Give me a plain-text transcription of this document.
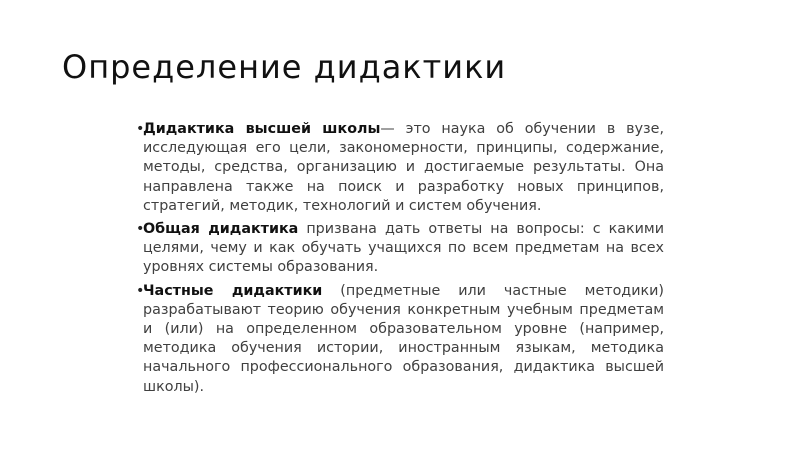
Определение дидактики
•
Дидактика высшей школы— это наука об обучении в вузе, исследующая его цели, закономерности, принципы, содержание, методы, средства, организацию и достигаемые результаты. Она направлена также на поиск и разработку новых принципов, стратегий, методик, технологий и систем обучения.
•
Общая дидактика призвана дать ответы на вопросы: с какими целями, чему и как обучать учащихся по всем предметам на всех уровнях системы образования.
•
Частные дидактики (предметные или частные методики) разрабатывают теорию обучения конкретным учебным предметам и (или) на определенном образовательном уровне (например, методика обучения истории, иностранным языкам, методика начального профессионального образования, дидактика высшей школы).
